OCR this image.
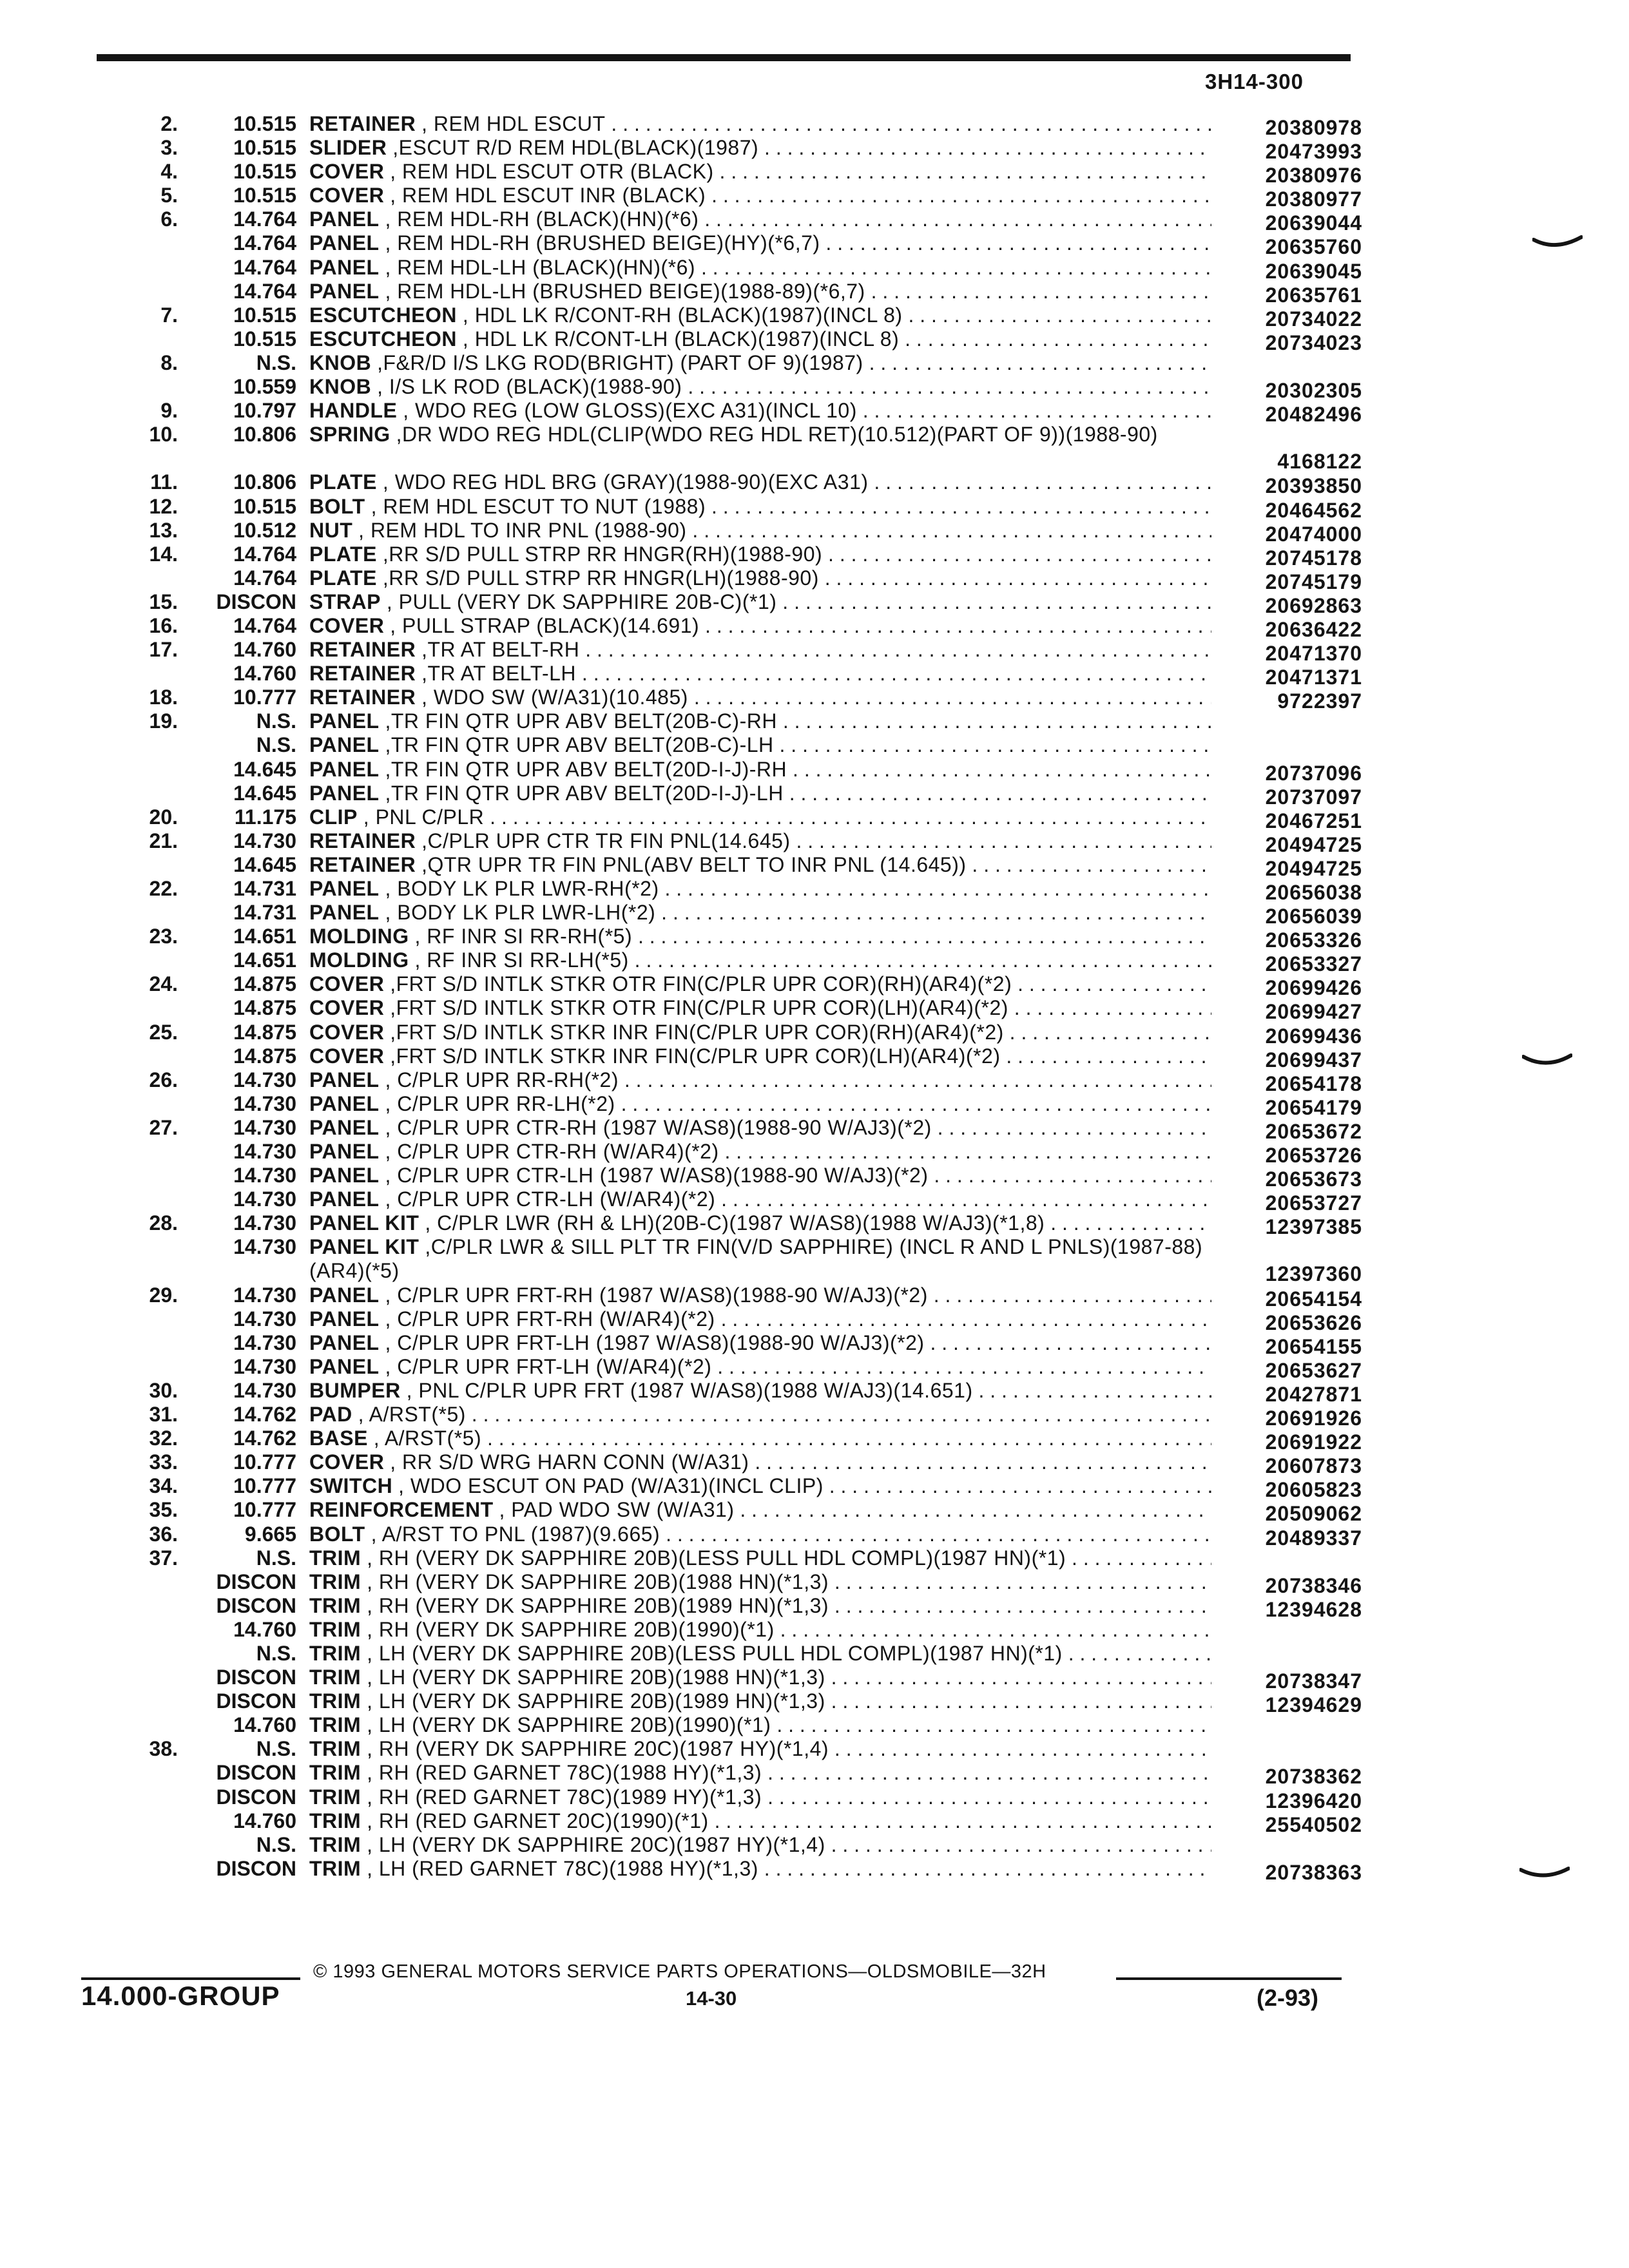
3H14-300
2.	10.515 RETAINER , REM HDL ESCUT . . .	20380978
3.	10.515 SLIDER ,ESCUT R/D REM HDL(BLACK)(1987) . . .	20473993
4.	10.515 COVER , REM HDL ESCUT OTR (BLACK) . . .	20380976
5.	10.515 COVER , REM HDL ESCUT INR (BLACK) . . .	20380977
6.	14.764 PANEL , REM HDL-RH (BLACK)(HN)(*6) . . .	20639044
14.764 PANEL , REM HDL-RH (BRUSHED BEIGE)(HY)(*6,7) . . .	20635760
14.764 PANEL , REM HDL-LH (BLACK)(HN)(*6) . . .	20639045
14.764 PANEL , REM HDL-LH (BRUSHED BEIGE)(1988-89)(*6,7) . . .	20635761
7.	10.515 ESCUTCHEON , HDL LK R/CONT-RH (BLACK)(1987)(INCL 8) . . .	20734022
10.515 ESCUTCHEON , HDL LK R/CONT-LH (BLACK)(1987)(INCL 8) . . .	20734023
8.	N.S. KNOB ,F&R/D I/S LKG ROD(BRIGHT) (PART OF 9)(1987) . . .
10.559 KNOB , I/S LK ROD (BLACK)(1988-90) . . .	20302305
9.	10.797 HANDLE , WDO REG (LOW GLOSS)(EXC A31)(INCL 10) . . .	20482496
10.	10.806 SPRING ,DR WDO REG HDL(CLIP(WDO REG HDL RET)(10.512)(PART OF 9))(1988-90)
4168122
11.	10.806 PLATE , WDO REG HDL BRG (GRAY)(1988-90)(EXC A31) . . .	20393850
12.	10.515 BOLT , REM HDL ESCUT TO NUT (1988) . . .	20464562
13.	10.512 NUT , REM HDL TO INR PNL (1988-90) . . .	20474000
14.	14.764 PLATE ,RR S/D PULL STRP RR HNGR(RH)(1988-90) . . .	20745178
14.764 PLATE ,RR S/D PULL STRP RR HNGR(LH)(1988-90) . . .	20745179
15. DISCON STRAP , PULL (VERY DK SAPPHIRE 20B-C)(*1) . . .	20692863
16.	14.764 COVER , PULL STRAP (BLACK)(14.691) . . .	20636422
17.	14.760 RETAINER ,TR AT BELT-RH . . .	20471370
14.760 RETAINER ,TR AT BELT-LH . . .	20471371
18.	10.777 RETAINER , WDO SW (W/A31)(10.485) . . .	9722397
19.	N.S. PANEL ,TR FIN QTR UPR ABV BELT(20B-C)-RH . . .
N.S. PANEL ,TR FIN QTR UPR ABV BELT(20B-C)-LH . . .
14.645 PANEL ,TR FIN QTR UPR ABV BELT(20D-I-J)-RH . . .	20737096
14.645 PANEL ,TR FIN QTR UPR ABV BELT(20D-I-J)-LH . . .	20737097
20.	11.175 CLIP , PNL C/PLR . . .	20467251
21.	14.730 RETAINER ,C/PLR UPR CTR TR FIN PNL(14.645) . . .	20494725
14.645 RETAINER ,QTR UPR TR FIN PNL(ABV BELT TO INR PNL (14.645)) . . .	20494725
22.	14.731 PANEL , BODY LK PLR LWR-RH(*2) . . .	20656038
14.731 PANEL , BODY LK PLR LWR-LH(*2) . . .	20656039
23.	14.651 MOLDING , RF INR SI RR-RH(*5) . . .	20653326
14.651 MOLDING , RF INR SI RR-LH(*5) . . .	20653327
24.	14.875 COVER ,FRT S/D INTLK STKR OTR FIN(C/PLR UPR COR)(RH)(AR4)(*2) . . .	20699426
14.875 COVER ,FRT S/D INTLK STKR OTR FIN(C/PLR UPR COR)(LH)(AR4)(*2) . . .	20699427
25.	14.875 COVER ,FRT S/D INTLK STKR INR FIN(C/PLR UPR COR)(RH)(AR4)(*2) . . .	20699436
14.875 COVER ,FRT S/D INTLK STKR INR FIN(C/PLR UPR COR)(LH)(AR4)(*2) . . .	20699437
26.	14.730 PANEL , C/PLR UPR RR-RH(*2) . . .	20654178
14.730 PANEL , C/PLR UPR RR-LH(*2) . . .	20654179
27.	14.730 PANEL , C/PLR UPR CTR-RH (1987 W/AS8)(1988-90 W/AJ3)(*2) . . .	20653672
14.730 PANEL , C/PLR UPR CTR-RH (W/AR4)(*2) . . .	20653726
14.730 PANEL , C/PLR UPR CTR-LH (1987 W/AS8)(1988-90 W/AJ3)(*2) . . .	20653673
14.730 PANEL , C/PLR UPR CTR-LH (W/AR4)(*2) . . .	20653727
28.	14.730 PANEL KIT , C/PLR LWR (RH & LH)(20B-C)(1987 W/AS8)(1988 W/AJ3)(*1,8) . . .	12397385
14.730 PANEL KIT ,C/PLR LWR & SILL PLT TR FIN(V/D SAPPHIRE) (INCL R AND L PNLS)(1987-88)(AR4)(*5)	12397360
29.	14.730 PANEL , C/PLR UPR FRT-RH (1987 W/AS8)(1988-90 W/AJ3)(*2) . . .	20654154
14.730 PANEL , C/PLR UPR FRT-RH (W/AR4)(*2) . . .	20653626
14.730 PANEL , C/PLR UPR FRT-LH (1987 W/AS8)(1988-90 W/AJ3)(*2) . . .	20654155
14.730 PANEL , C/PLR UPR FRT-LH (W/AR4)(*2) . . .	20653627
30.	14.730 BUMPER , PNL C/PLR UPR FRT (1987 W/AS8)(1988 W/AJ3)(14.651) . . .	20427871
31.	14.762 PAD , A/RST(*5) . . .	20691926
32.	14.762 BASE , A/RST(*5) . . .	20691922
33.	10.777 COVER , RR S/D WRG HARN CONN (W/A31) . . .	20607873
34.	10.777 SWITCH , WDO ESCUT ON PAD (W/A31)(INCL CLIP) . . .	20605823
35.	10.777 REINFORCEMENT , PAD WDO SW (W/A31) . . .	20509062
36.	9.665 BOLT , A/RST TO PNL (1987)(9.665) . . .	20489337
37.	N.S. TRIM , RH (VERY DK SAPPHIRE 20B)(LESS PULL HDL COMPL)(1987 HN)(*1) . . .
DISCON TRIM , RH (VERY DK SAPPHIRE 20B)(1988 HN)(*1,3) . . .	20738346
DISCON TRIM , RH (VERY DK SAPPHIRE 20B)(1989 HN)(*1,3) . . .	12394628
14.760 TRIM , RH (VERY DK SAPPHIRE 20B)(1990)(*1) . . .
N.S. TRIM , LH (VERY DK SAPPHIRE 20B)(LESS PULL HDL COMPL)(1987 HN)(*1) . . .
DISCON TRIM , LH (VERY DK SAPPHIRE 20B)(1988 HN)(*1,3) . . .	20738347
DISCON TRIM , LH (VERY DK SAPPHIRE 20B)(1989 HN)(*1,3) . . .	12394629
14.760 TRIM , LH (VERY DK SAPPHIRE 20B)(1990)(*1) . . .
38.	N.S. TRIM , RH (VERY DK SAPPHIRE 20C)(1987 HY)(*1,4) . . .
DISCON TRIM , RH (RED GARNET 78C)(1988 HY)(*1,3) . . .	20738362
DISCON TRIM , RH (RED GARNET 78C)(1989 HY)(*1,3) . . .	12396420
14.760 TRIM , RH (RED GARNET 20C)(1990)(*1) . . .	25540502
N.S. TRIM , LH (VERY DK SAPPHIRE 20C)(1987 HY)(*1,4) . . .
DISCON TRIM , LH (RED GARNET 78C)(1988 HY)(*1,3) . . .	20738363
© 1993 GENERAL MOTORS SERVICE PARTS OPERATIONS—OLDSMOBILE—32H
14.000-GROUP	14-30	(2-93)
